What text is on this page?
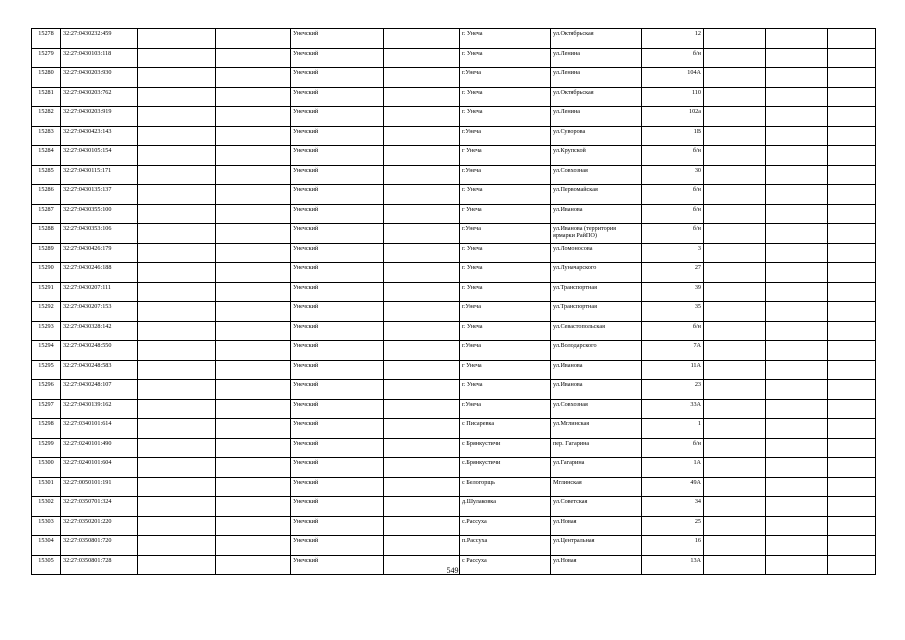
15278	32:27:0430232:459			Унечский		г. Унеча	ул.Октябрьская	12			
15279	32:27:0430103:118			Унечский		г. Унеча	ул.Ленина	б/н			
15280	32:27:0430203:930			Унечский		г.Унеча	ул.Ленина	104А			
15281	32:27:0430203:762			Унечский		г. Унеча	ул.Октябрьская	110			
15282	32:27:0430203:919			Унечский		г. Унеча	ул.Ленина	102а			
15283	32:27:0430423:143			Унечский		г.Унеча	ул.Суворова	1В			
15284	32:27:0430105:154			Унечский		г Унеча	ул.Крупской	б/н			
15285	32:27:0430115:171			Унечский		г.Унеча	ул.Совхозная	30			
15286	32:27:0430135:137			Унечский		г. Унеча	ул.Первомайская	б/н			
15287	32:27:0430355:100			Унечский		г Унеча	ул.Иванова	б/н			
15288	32:27:0430353:106			Унечский		г.Унеча	ул.Иванова (территория ярмарки РайПО)	б/н			
15289	32:27:0430426:179			Унечский		г. Унеча	ул.Ломоносова	3			
15290	32:27:0430246:188			Унечский		г. Унеча	ул.Луначарского	27			
15291	32:27:0430207:111			Унечский		г. Унеча	ул.Транспортная	39			
15292	32:27:0430207:153			Унечский		г.Унеча	ул.Транспортная	35			
15293	32:27:0430328:142			Унечский		г. Унеча	ул.Севастопольская	б/н			
15294	32:27:0430248:550			Унечский		г.Унеча	ул.Володарского	7А			
15295	32:27:0430248:583			Унечский		г Унеча	ул.Иванова	11А			
15296	32:27:0430248:107			Унечский		г. Унеча	ул.Иванова	23			
15297	32:27:0430139:162			Унечский		г.Унеча	ул.Совхозная	33А			
15298	32:27:0340101:614			Унечский		с Писаревка	ул.Мглинская	1			
15299	32:27:0240101:490			Унечский		с Брянкустичи	пер. Гагарина	б/н			
15300	32:27:0240101:604			Унечский		с.Брянкустичи	ул.Гагарина	1А			
15301	32:27:0050101:191			Унечский		с Белогорщь	Мглинская	49А			
15302	32:27:0350701:324			Унечский		д.Шулаковка	ул.Советская	34			
15303	32:27:0350201:220			Унечский		с.Рассуха	ул.Новая	25			
15304	32:27:0350801:720			Унечский		п.Рассуха	ул.Центральная	16			
15305	32:27:0350801:728			Унечский		с Рассуха	ул.Новая	13А			
549
